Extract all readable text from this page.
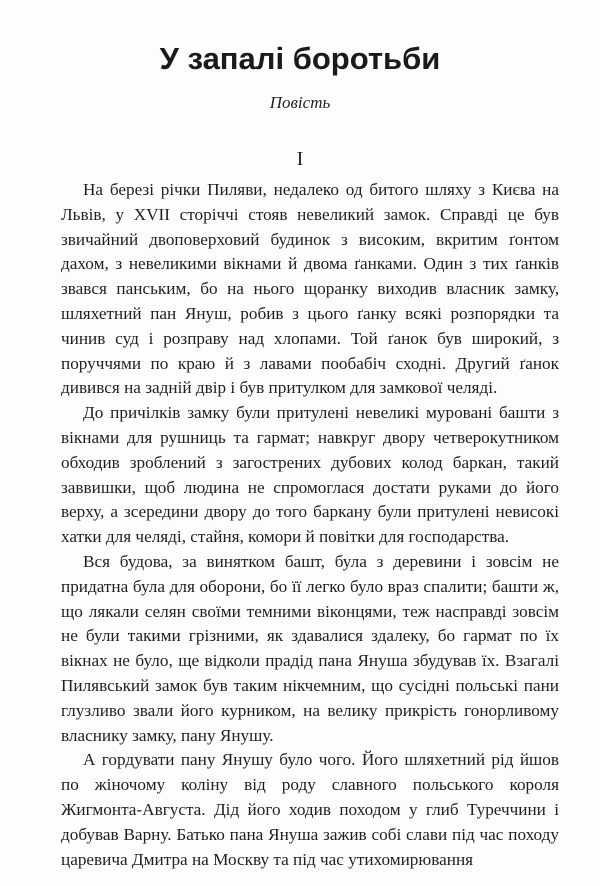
У запалі боротьби

Повість

І

На березі річки Пиляви, недалеко од битого шляху з Києва на Львів, у XVII сторіччі стояв невеликий замок. Справді це був звичайний двоповерховий будинок з високим, вкритим ґонтом дахом, з невеликими вікнами й двома ґанками. Один з тих ґанків звався панським, бо на нього щоранку виходив власник замку, шляхетний пан Януш, робив з цього ґанку всякі розпорядки та чинив суд і розправу над хлопами. Той ґанок був широкий, з поруччями по краю й з лавами пообабіч сходні. Другий ґанок дивився на задній двір і був притулком для замкової челяді.

До причілків замку були притулені невеликі муровані башти з вікнами для рушниць та гармат; навкруг двору четверокутником обходив зроблений з загострених дубових колод баркан, такий заввишки, щоб людина не спромоглася достати руками до його верху, а зсередини двору до того баркану були притулені невисокі хатки для челяді, стайня, комори й повітки для господарства.

Вся будова, за винятком башт, була з деревини і зовсім не придатна була для оборони, бо її легко було враз спалити; башти ж, що лякали селян своїми темними віконцями, теж насправді зовсім не були такими грізними, як здавалися здалеку, бо гармат по їх вікнах не було, ще відколи прадід пана Януша збудував їх. Взагалі Пилявський замок був таким нікчемним, що сусідні польські пани глузливо звали його курником, на велику прикрість гонорливому власнику замку, пану Янушу.

А гордувати пану Янушу було чого. Його шляхетний рід йшов по жіночому коліну від роду славного польського короля Жигмонта-Августа. Дід його ходив походом у глиб Туреччини і добував Варну. Батько пана Януша зажив собі слави під час походу царевича Дмитра на Москву та під час утихомирювання
